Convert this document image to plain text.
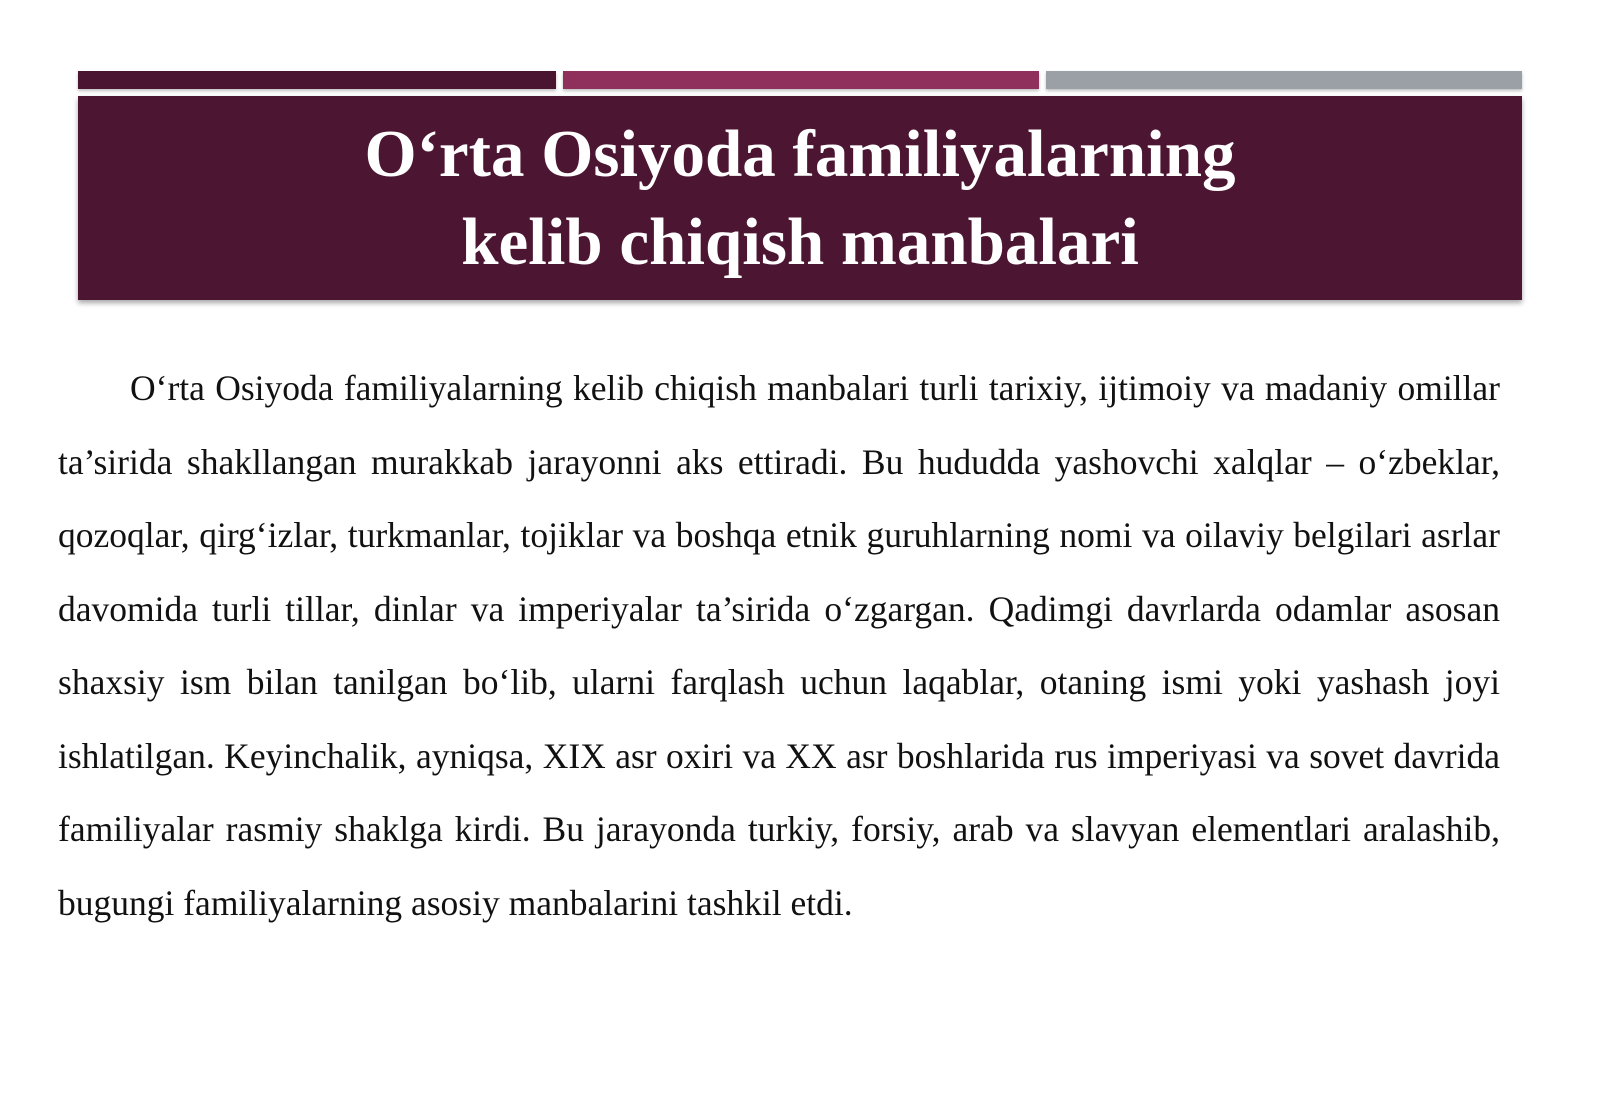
O‘rta Osiyoda familiyalarning
kelib chiqish manbalari

O‘rta Osiyoda familiyalarning kelib chiqish manbalari turli tarixiy, ijtimoiy va madaniy omillar ta’sirida shakllangan murakkab jarayonni aks ettiradi. Bu hududda yashovchi xalqlar – o‘zbeklar, qozoqlar, qirg‘izlar, turkmanlar, tojiklar va boshqa etnik guruhlarning nomi va oilaviy belgilari asrlar davomida turli tillar, dinlar va imperiyalar ta’sirida o‘zgargan. Qadimgi davrlarda odamlar asosan shaxsiy ism bilan tanilgan bo‘lib, ularni farqlash uchun laqablar, otaning ismi yoki yashash joyi ishlatilgan. Keyinchalik, ayniqsa, XIX asr oxiri va XX asr boshlarida rus imperiyasi va sovet davrida familiyalar rasmiy shaklga kirdi. Bu jarayonda turkiy, forsiy, arab va slavyan elementlari aralashib, bugungi familiyalarning asosiy manbalarini tashkil etdi.
